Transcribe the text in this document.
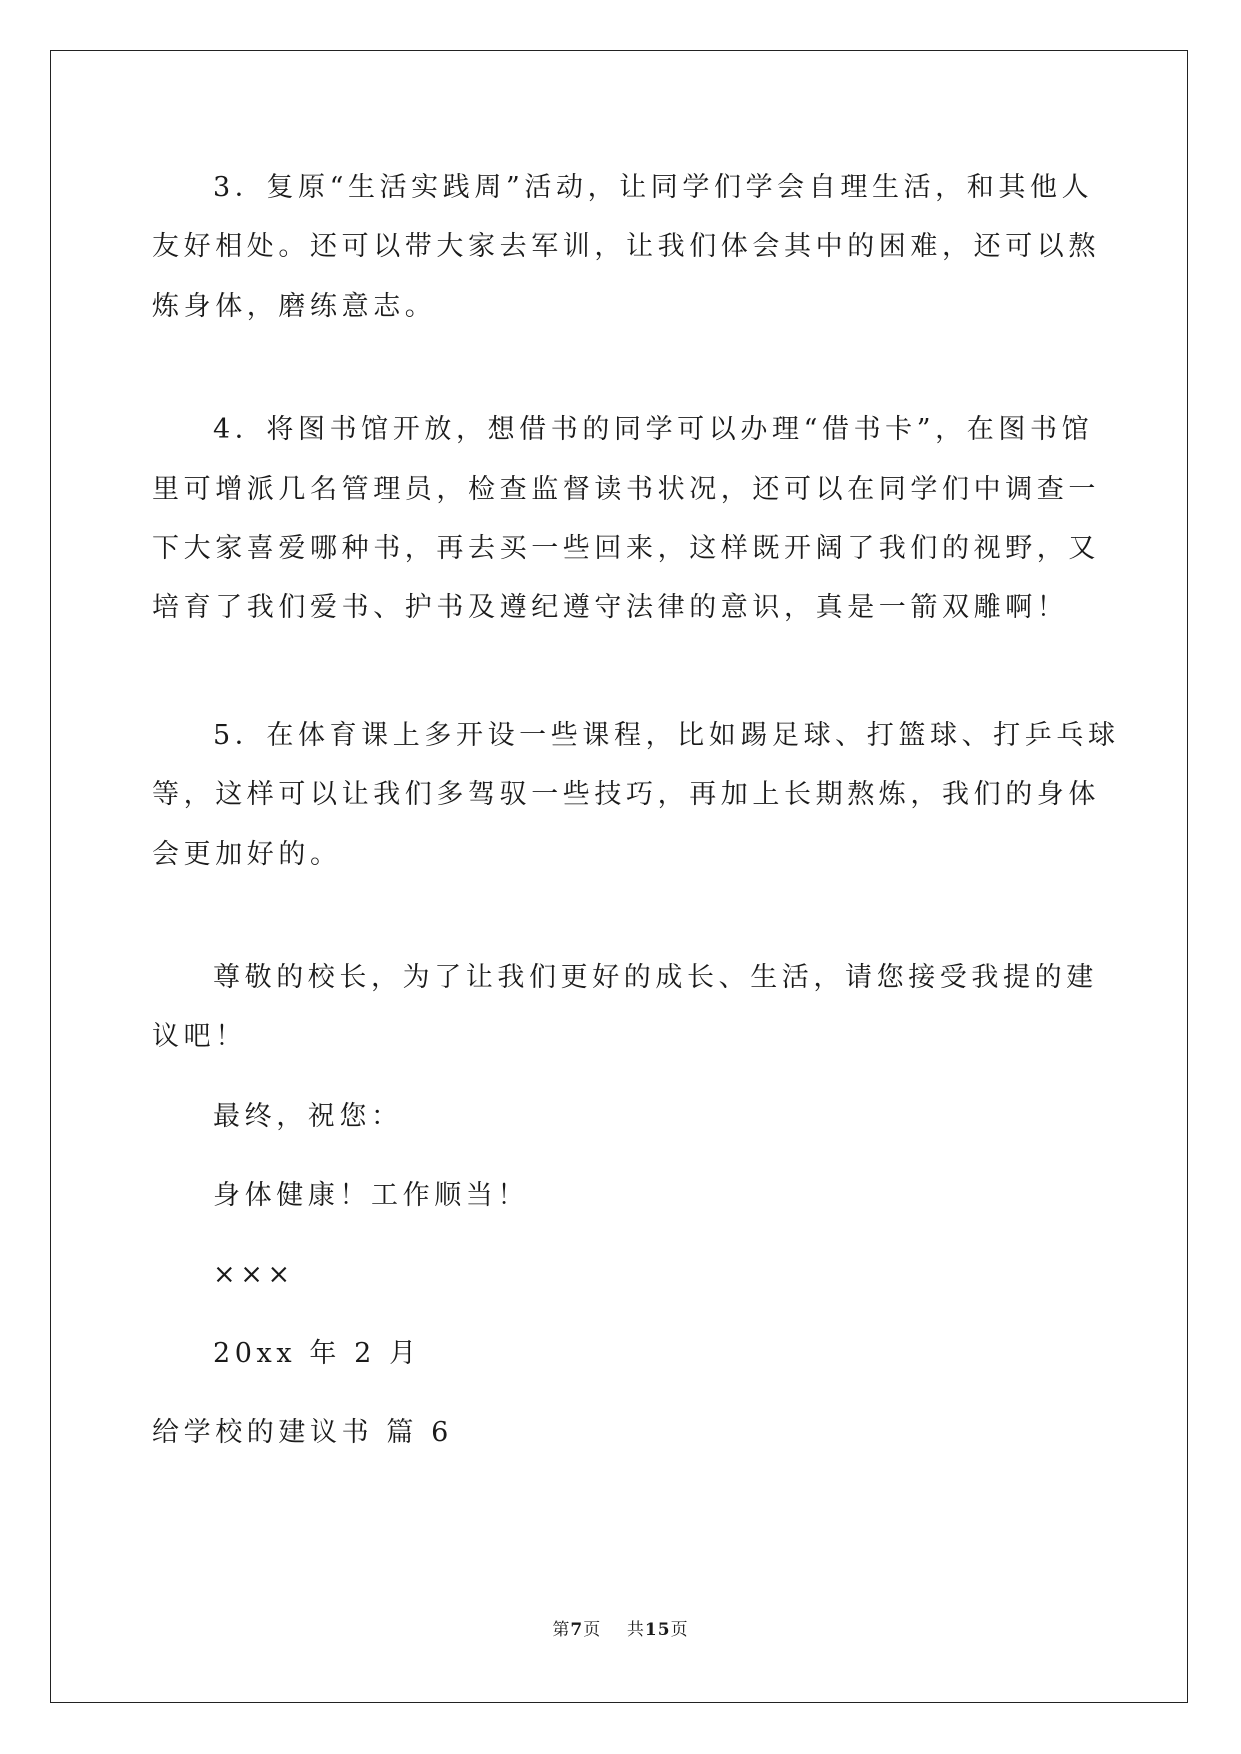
3．复原“生活实践周”活动，让同学们学会自理生活，和其他人
友好相处。还可以带大家去军训，让我们体会其中的困难，还可以熬
炼身体，磨练意志。
4．将图书馆开放，想借书的同学可以办理“借书卡”，在图书馆
里可增派几名管理员，检查监督读书状况，还可以在同学们中调查一
下大家喜爱哪种书，再去买一些回来，这样既开阔了我们的视野，又
培育了我们爱书、护书及遵纪遵守法律的意识，真是一箭双雕啊！
5．在体育课上多开设一些课程，比如踢足球、打篮球、打乒乓球
等，这样可以让我们多驾驭一些技巧，再加上长期熬炼，我们的身体
会更加好的。
尊敬的校长，为了让我们更好的成长、生活，请您接受我提的建
议吧！
最终，祝您：
身体健康！工作顺当！
×××
20xx 年 2 月
给学校的建议书 篇 6
第7页 共15页
